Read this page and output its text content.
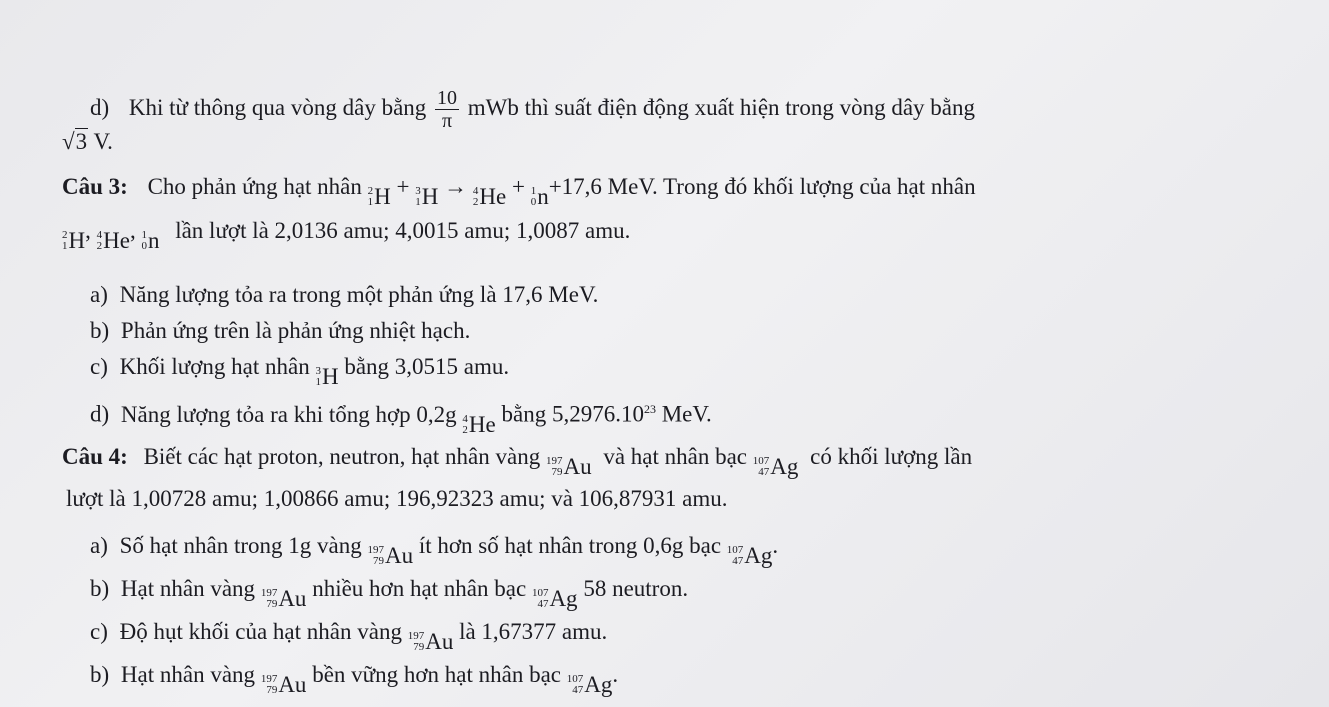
d) Khi từ thông qua vòng dây bằng $\frac{10}{\pi}$ mWb thì suất điện động xuất hiện trong vòng dây bằng
√3 V.
Câu 3: Cho phản ứng hạt nhân 2
1 H + 3
1 H → 4
2 He + 1
0 n +17,6 MeV. Trong đó khối lượng của hạt nhân
2
1 H , 4
2 He , 1
0 n lần lượt là 2,0136 amu; 4,0015 amu; 1,0087 amu.
a) Năng lượng tỏa ra trong một phản ứng là 17,6 MeV.
b) Phản ứng trên là phản ứng nhiệt hạch.
c) Khối lượng hạt nhân 3
1 H bằng 3,0515 amu.
d) Năng lượng tỏa ra khi tổng hợp 0,2g 4
2 He bằng 5,2976.10$^{23}$ MeV.
Câu 4: Biết các hạt proton, neutron, hạt nhân vàng 197
79 Au và hạt nhân bạc 107
47 Ag có khối lượng lần
lượt là 1,00728 amu; 1,00866 amu; 196,92323 amu; và 106,87931 amu.
a) Số hạt nhân trong 1g vàng 197
79 Au ít hơn số hạt nhân trong 0,6g bạc 107
47 Ag .
b) Hạt nhân vàng 197
79 Au nhiều hơn hạt nhân bạc 107
47 Ag 58 neutron.
c) Độ hụt khối của hạt nhân vàng 197
79 Au là 1,67377 amu.
b) Hạt nhân vàng 197
79 Au bền vững hơn hạt nhân bạc 107
47 Ag .
